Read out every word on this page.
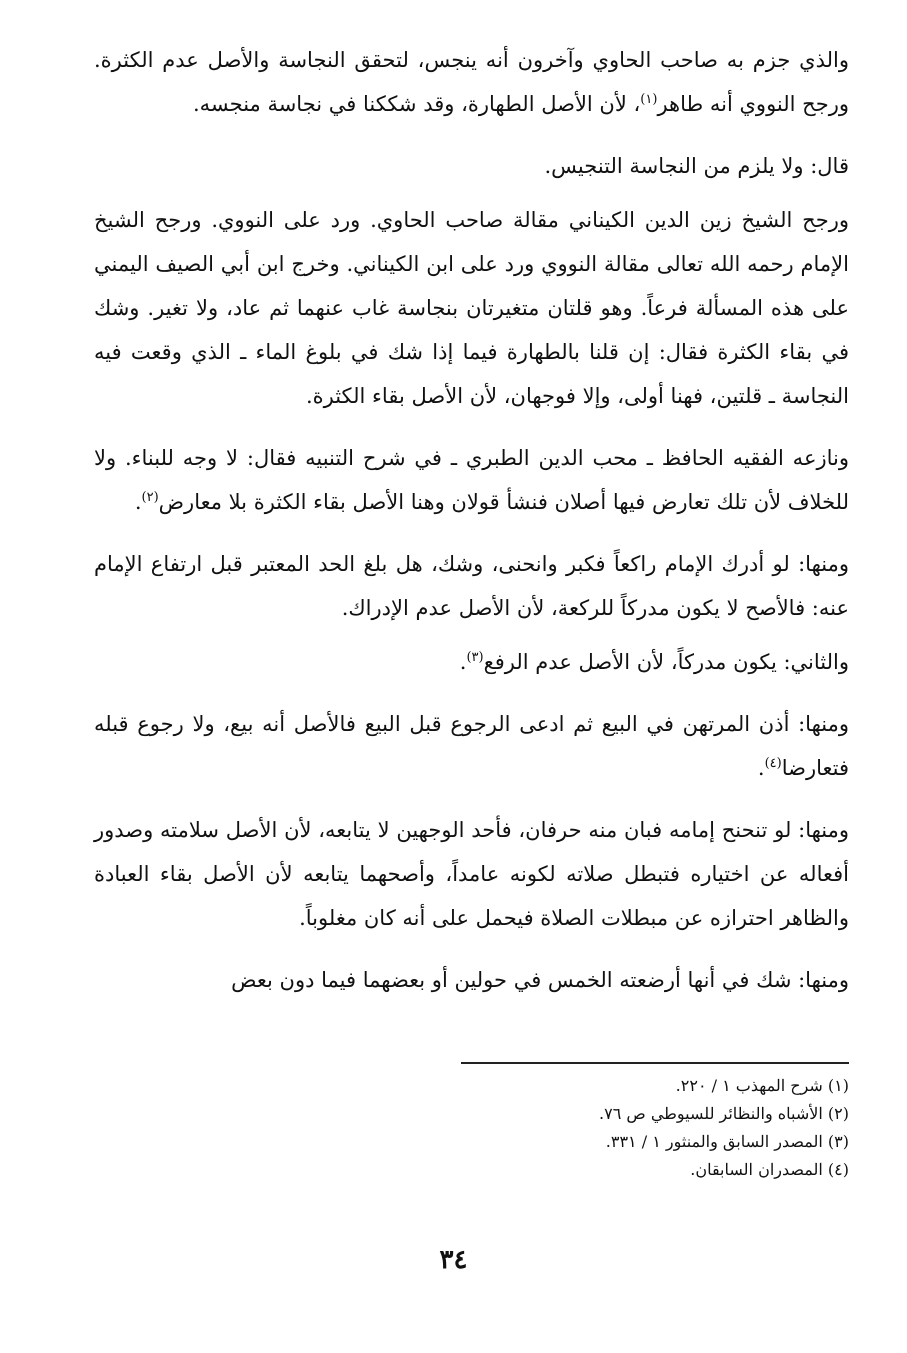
والذي جزم به صاحب الحاوي وآخرون أنه ينجس، لتحقق النجاسة والأصل عدم الكثرة. ورجح النووي أنه طاهر$^{(١)}$، لأن الأصل الطهارة، وقد شككنا في نجاسة منجسه.

قال: ولا يلزم من النجاسة التنجيس.

ورجح الشيخ زين الدين الكيناني مقالة صاحب الحاوي. ورد على النووي. ورجح الشيخ الإمام رحمه الله تعالى مقالة النووي ورد على ابن الكيناني. وخرج ابن أبي الصيف اليمني على هذه المسألة فرعاً. وهو قلتان متغيرتان بنجاسة غاب عنهما ثم عاد، ولا تغير. وشك في بقاء الكثرة فقال: إن قلنا بالطهارة فيما إذا شك في بلوغ الماء ـ الذي وقعت فيه النجاسة ـ قلتين، فهنا أولى، وإلا فوجهان، لأن الأصل بقاء الكثرة.

ونازعه الفقيه الحافظ ـ محب الدين الطبري ـ في شرح التنبيه فقال: لا وجه للبناء. ولا للخلاف لأن تلك تعارض فيها أصلان فنشأ قولان وهنا الأصل بقاء الكثرة بلا معارض$^{(٢)}$.

ومنها: لو أدرك الإمام راكعاً فكبر وانحنى، وشك، هل بلغ الحد المعتبر قبل ارتفاع الإمام عنه: فالأصح لا يكون مدركاً للركعة، لأن الأصل عدم الإدراك.

والثاني: يكون مدركاً، لأن الأصل عدم الرفع$^{(٣)}$.

ومنها: أذن المرتهن في البيع ثم ادعى الرجوع قبل البيع فالأصل أنه بيع، ولا رجوع قبله فتعارضا$^{(٤)}$.

ومنها: لو تنحنح إمامه فبان منه حرفان، فأحد الوجهين لا يتابعه، لأن الأصل سلامته وصدور أفعاله عن اختياره فتبطل صلاته لكونه عامداً، وأصحهما يتابعه لأن الأصل بقاء العبادة والظاهر احترازه عن مبطلات الصلاة فيحمل على أنه كان مغلوباً.

ومنها: شك في أنها أرضعته الخمس في حولين أو بعضهما فيما دون بعض

(١) شرح المهذب ١ / ٢٢٠.

(٢) الأشباه والنظائر للسيوطي ص ٧٦.

(٣) المصدر السابق والمنثور ١ / ٣٣١.

(٤) المصدران السابقان.

٣٤
